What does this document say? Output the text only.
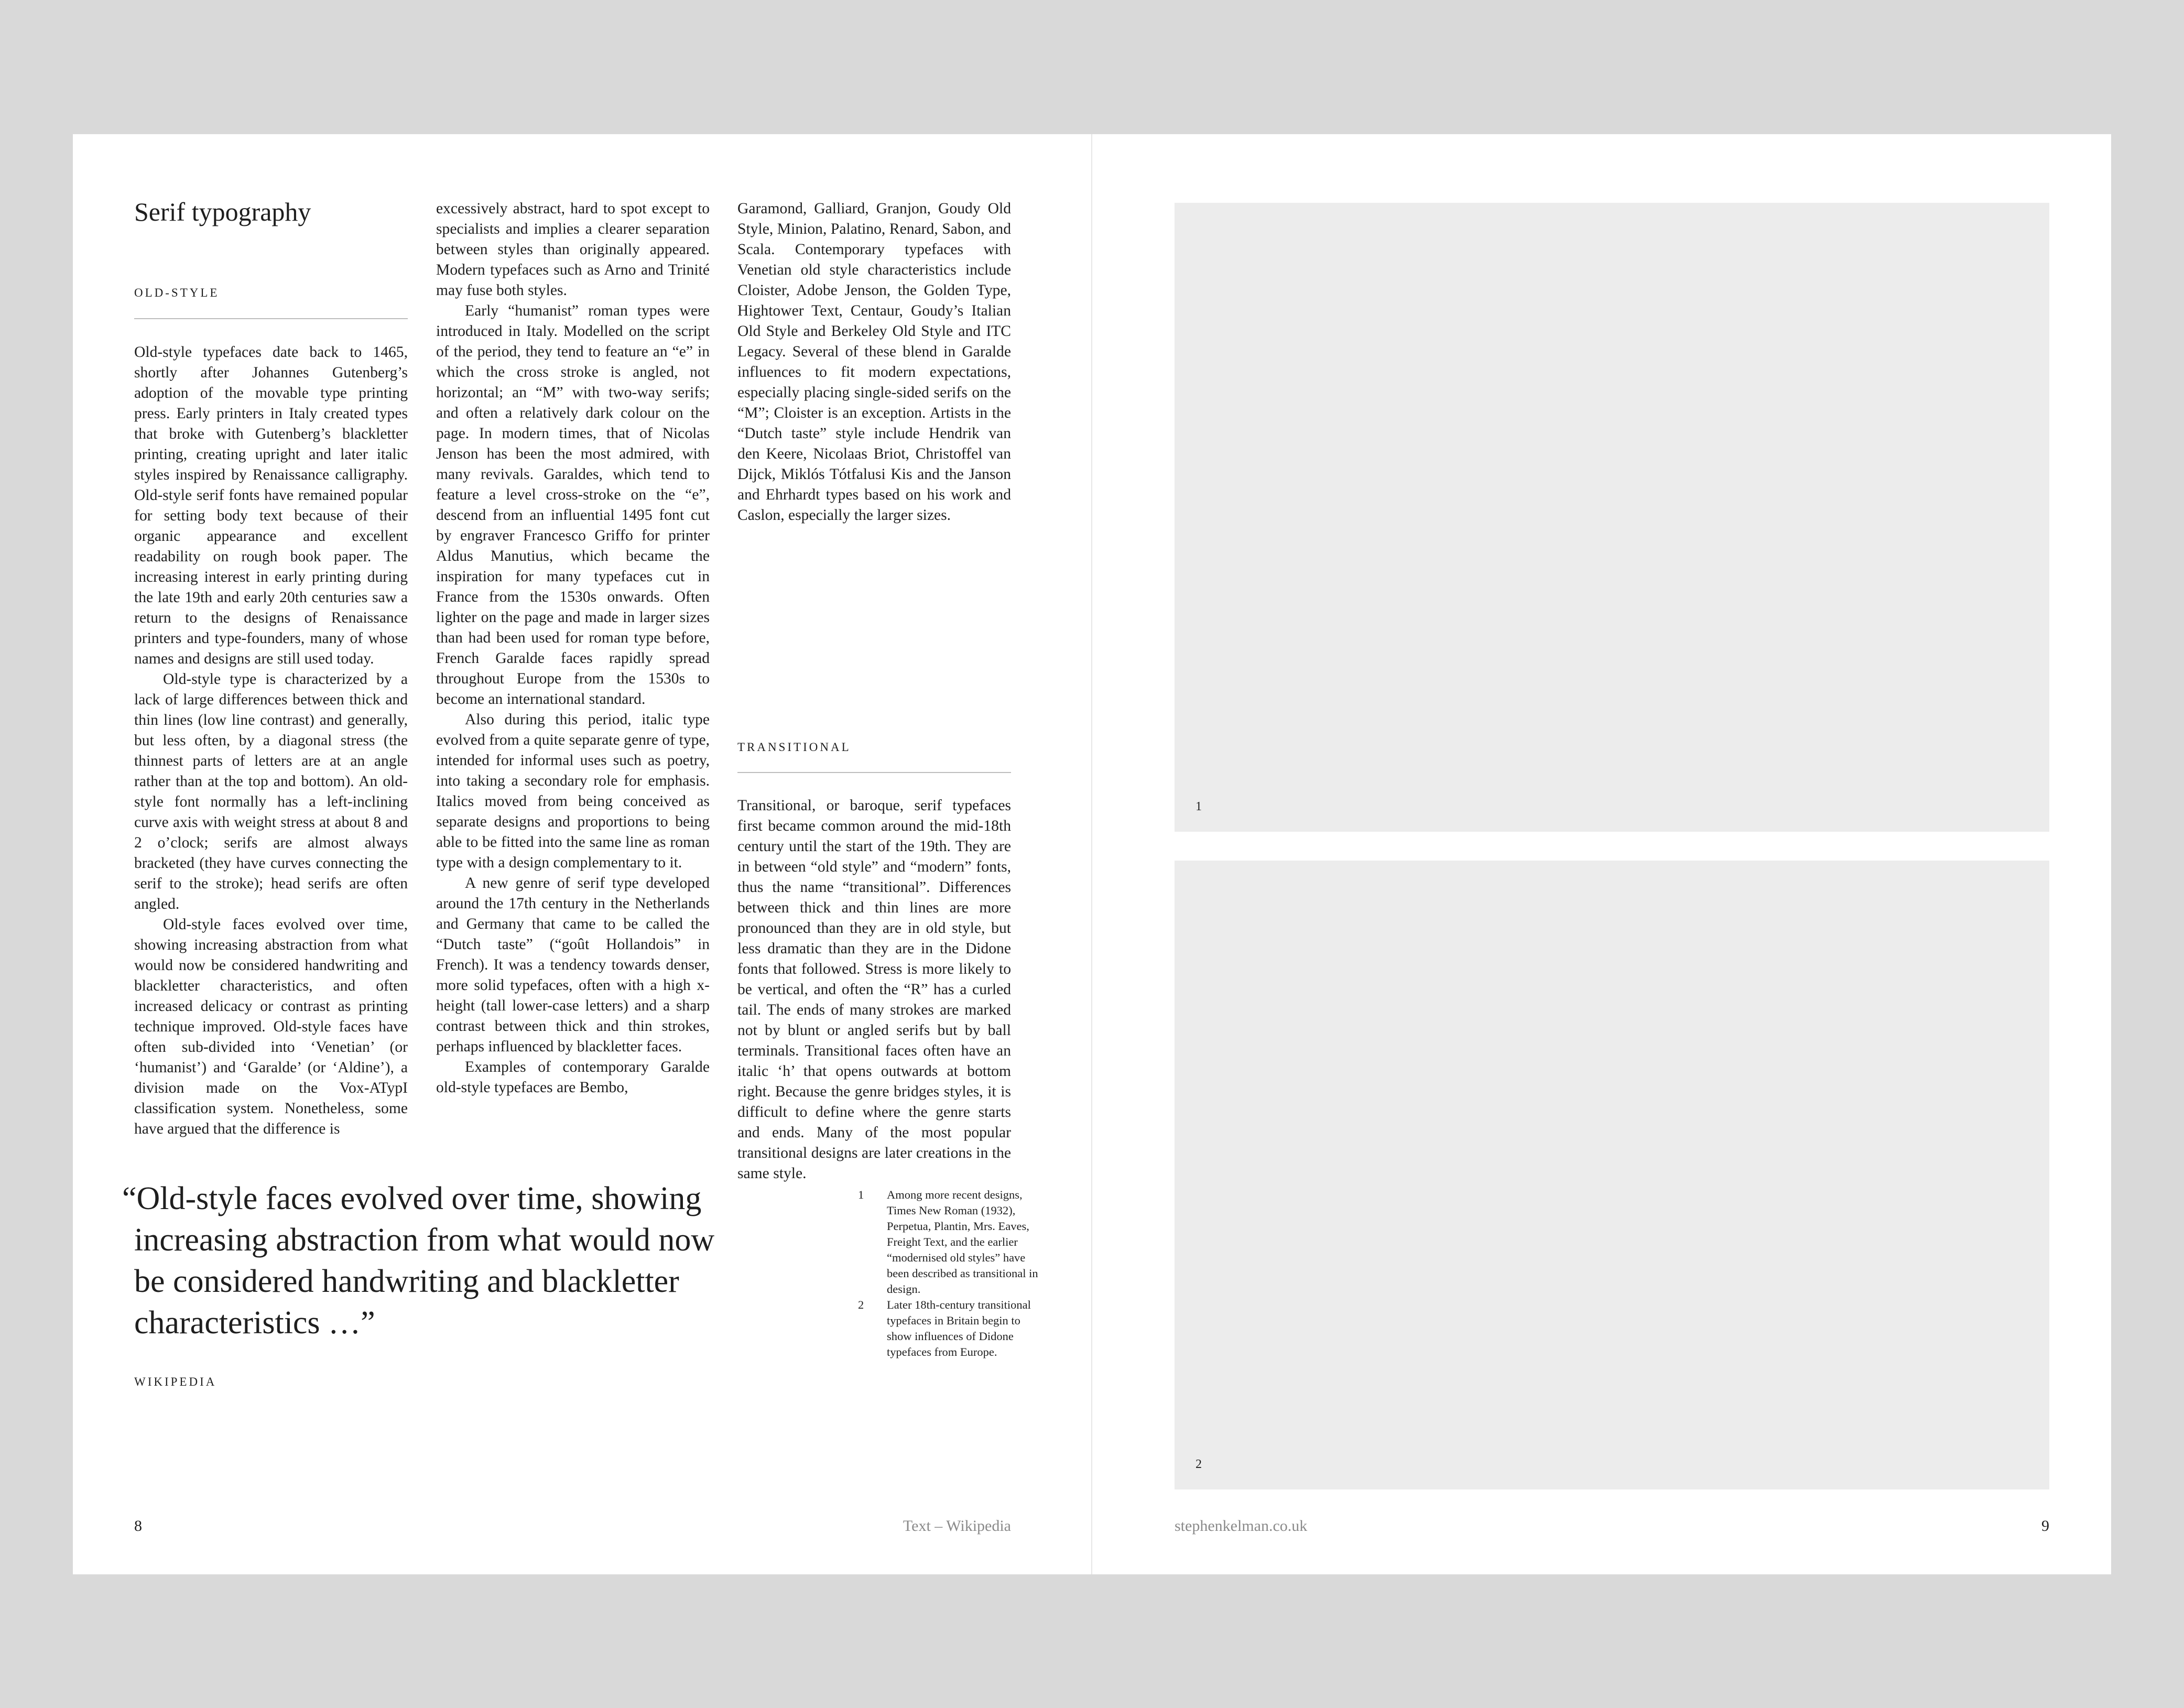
Serif typography
OLD-STYLE

Old-style typefaces date back to 1465, shortly after Johannes Gutenberg’s adoption of the movable type printing press. Early printers in Italy created types that broke with Gutenberg’s blackletter printing, creating upright and later italic styles inspired by Renaissance calligraphy. Old-style serif fonts have remained popular for setting body text because of their organic appearance and excellent readability on rough book paper. The increasing interest in early printing during the late 19th and early 20th centuries saw a return to the designs of Renaissance printers and type-founders, many of whose names and designs are still used today.

Old-style type is characterized by a lack of large differences between thick and thin lines (low line contrast) and generally, but less often, by a diagonal stress (the thinnest parts of letters are at an angle rather than at the top and bottom). An old-style font normally has a left-inclining curve axis with weight stress at about 8 and 2 o’clock; serifs are almost always bracketed (they have curves connecting the serif to the stroke); head serifs are often angled.

Old-style faces evolved over time, showing increasing abstraction from what would now be considered handwriting and blackletter characteristics, and often increased delicacy or contrast as printing technique improved. Old-style faces have often sub-divided into ‘Venetian’ (or ‘humanist’) and ‘Garalde’ (or ‘Aldine’), a division made on the Vox-ATypI classification system. Nonetheless, some have argued that the difference is

excessively abstract, hard to spot except to specialists and implies a clearer separation between styles than originally appeared. Modern typefaces such as Arno and Trinité may fuse both styles.

Early “humanist” roman types were introduced in Italy. Modelled on the script of the period, they tend to feature an “e” in which the cross stroke is angled, not horizontal; an “M” with two-way serifs; and often a relatively dark colour on the page. In modern times, that of Nicolas Jenson has been the most admired, with many revivals. Garaldes, which tend to feature a level cross-stroke on the “e”, descend from an influential 1495 font cut by engraver Francesco Griffo for printer Aldus Manutius, which became the inspiration for many typefaces cut in France from the 1530s onwards. Often lighter on the page and made in larger sizes than had been used for roman type before, French Garalde faces rapidly spread throughout Europe from the 1530s to become an international standard.

Also during this period, italic type evolved from a quite separate genre of type, intended for informal uses such as poetry, into taking a secondary role for emphasis. Italics moved from being conceived as separate designs and proportions to being able to be fitted into the same line as roman type with a design complementary to it.

A new genre of serif type developed around the 17th century in the Netherlands and Germany that came to be called the “Dutch taste” (“goût Hollandois” in French). It was a tendency towards denser, more solid typefaces, often with a high x-height (tall lower-case letters) and a sharp contrast between thick and thin strokes, perhaps influenced by blackletter faces.

Examples of contemporary Garalde old-style typefaces are Bembo,

Garamond, Galliard, Granjon, Goudy Old Style, Minion, Palatino, Renard, Sabon, and Scala. Contemporary typefaces with Venetian old style characteristics include Cloister, Adobe Jenson, the Golden Type, Hightower Text, Centaur, Goudy’s Italian Old Style and Berkeley Old Style and ITC Legacy. Several of these blend in Garalde influences to fit modern expectations, especially placing single-sided serifs on the “M”; Cloister is an exception. Artists in the “Dutch taste” style include Hendrik van den Keere, Nicolaas Briot, Christoffel van Dijck, Miklós Tótfalusi Kis and the Janson and Ehrhardt types based on his work and Caslon, especially the larger sizes.

TRANSITIONAL

Transitional, or baroque, serif typefaces first became common around the mid-18th century until the start of the 19th. They are in between “old style” and “modern” fonts, thus the name “transitional”. Differences between thick and thin lines are more pronounced than they are in old style, but less dramatic than they are in the Didone fonts that followed. Stress is more likely to be vertical, and often the “R” has a curled tail. The ends of many strokes are marked not by blunt or angled serifs but by ball terminals. Transitional faces often have an italic ‘h’ that opens outwards at bottom right. Because the genre bridges styles, it is difficult to define where the genre starts and ends. Many of the most popular transitional designs are later creations in the same style.

“Old-style faces evolved over time, showing increasing abstraction from what would now be considered handwriting and blackletter characteristics …”
WIKIPEDIA
1 Among more recent designs, Times New Roman (1932), Perpetua, Plantin, Mrs. Eaves, Freight Text, and the earlier “modernised old styles” have been described as transitional in design.
2 Later 18th-century transitional typefaces in Britain begin to show influences of Didone typefaces from Europe.
8	Text – Wikipedia
1
2
stephenkelman.co.uk	9
